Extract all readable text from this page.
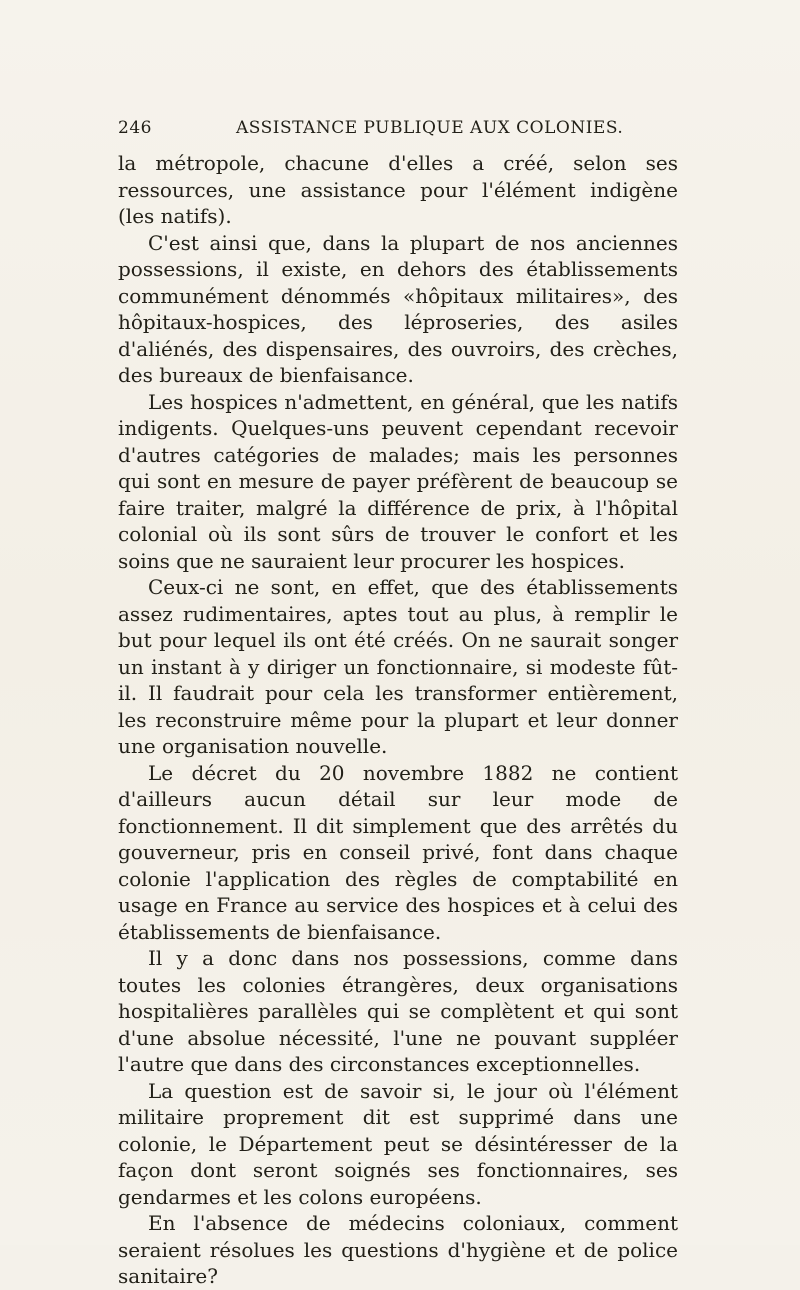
246	ASSISTANCE PUBLIQUE AUX COLONIES.

la métropole, chacune d'elles a créé, selon ses ressources, une assistance pour l'élément indigène (les natifs).

C'est ainsi que, dans la plupart de nos anciennes possessions, il existe, en dehors des établissements communément dénommés «hôpitaux militaires», des hôpitaux-hospices, des léproseries, des asiles d'aliénés, des dispensaires, des ouvroirs, des crèches, des bureaux de bienfaisance.

Les hospices n'admettent, en général, que les natifs indigents. Quelques-uns peuvent cependant recevoir d'autres catégories de malades; mais les personnes qui sont en mesure de payer préfèrent de beaucoup se faire traiter, malgré la différence de prix, à l'hôpital colonial où ils sont sûrs de trouver le confort et les soins que ne sauraient leur procurer les hospices.

Ceux-ci ne sont, en effet, que des établissements assez rudimentaires, aptes tout au plus, à remplir le but pour lequel ils ont été créés. On ne saurait songer un instant à y diriger un fonctionnaire, si modeste fût-il. Il faudrait pour cela les transformer entièrement, les reconstruire même pour la plupart et leur donner une organisation nouvelle.

Le décret du 20 novembre 1882 ne contient d'ailleurs aucun détail sur leur mode de fonctionnement. Il dit simplement que des arrêtés du gouverneur, pris en conseil privé, font dans chaque colonie l'application des règles de comptabilité en usage en France au service des hospices et à celui des établissements de bienfaisance.

Il y a donc dans nos possessions, comme dans toutes les colonies étrangères, deux organisations hospitalières parallèles qui se complètent et qui sont d'une absolue nécessité, l'une ne pouvant suppléer l'autre que dans des circonstances exceptionnelles.

La question est de savoir si, le jour où l'élément militaire proprement dit est supprimé dans une colonie, le Département peut se désintéresser de la façon dont seront soignés ses fonctionnaires, ses gendarmes et les colons européens.

En l'absence de médecins coloniaux, comment seraient résolues les questions d'hygiène et de police sanitaire?
